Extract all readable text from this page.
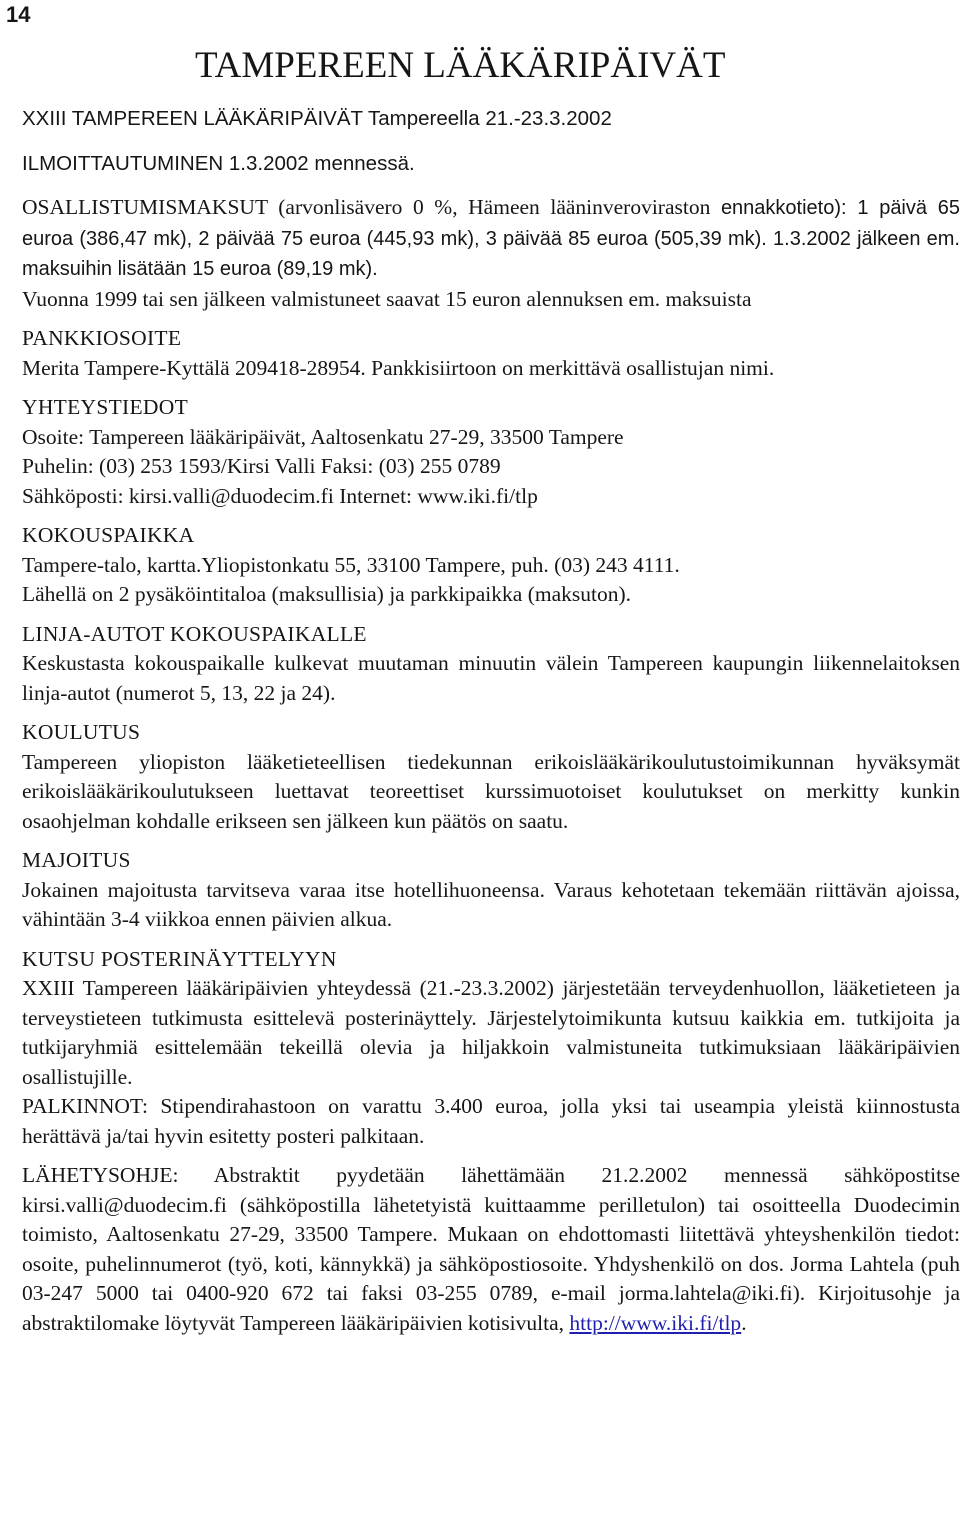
14
TAMPEREEN LÄÄKÄRIPÄIVÄT

XXIII TAMPEREEN LÄÄKÄRIPÄIVÄT Tampereella 21.-23.3.2002

ILMOITTAUTUMINEN 1.3.2002 mennessä.

OSALLISTUMISMAKSUT (arvonlisävero 0 %, Hämeen lääninveroviraston ennakkotieto): 1 päivä 65 euroa (386,47 mk), 2 päivää 75 euroa (445,93 mk), 3 päivää 85 euroa (505,39 mk). 1.3.2002 jälkeen em. maksuihin lisätään 15 euroa (89,19 mk).

Vuonna 1999 tai sen jälkeen valmistuneet saavat 15 euron alennuksen em. maksuista

PANKKIOSOITE

Merita Tampere-Kyttälä 209418-28954. Pankkisiirtoon on merkittävä osallistujan nimi.

YHTEYSTIEDOT

Osoite: Tampereen lääkäripäivät, Aaltosenkatu 27-29, 33500 Tampere

Puhelin: (03) 253 1593/Kirsi Valli Faksi: (03) 255 0789

Sähköposti: kirsi.valli@duodecim.fi Internet: www.iki.fi/tlp

KOKOUSPAIKKA

Tampere-talo, kartta.Yliopistonkatu 55, 33100 Tampere, puh. (03) 243 4111.

Lähellä on 2 pysäköintitaloa (maksullisia) ja parkkipaikka (maksuton).

LINJA-AUTOT KOKOUSPAIKALLE

Keskustasta kokouspaikalle kulkevat muutaman minuutin välein Tampereen kaupungin liikennelaitoksen linja-autot (numerot 5, 13, 22 ja 24).

KOULUTUS

Tampereen yliopiston lääketieteellisen tiedekunnan erikoislääkärikoulutustoimikunnan hyväksymät erikoislääkärikoulutukseen luettavat teoreettiset kurssimuotoiset koulutukset on merkitty kunkin osaohjelman kohdalle erikseen sen jälkeen kun päätös on saatu.

MAJOITUS

Jokainen majoitusta tarvitseva varaa itse hotellihuoneensa. Varaus kehotetaan tekemään riittävän ajoissa, vähintään 3-4 viikkoa ennen päivien alkua.

KUTSU POSTERINÄYTTELYYN

XXIII Tampereen lääkäripäivien yhteydessä (21.-23.3.2002) järjestetään terveydenhuollon, lääketieteen ja terveystieteen tutkimusta esittelevä posterinäyttely. Järjestelytoimikunta kutsuu kaikkia em. tutkijoita ja tutkijaryhmiä esittelemään tekeillä olevia ja hiljakkoin valmistuneita tutkimuksiaan lääkäripäivien osallistujille.

PALKINNOT: Stipendirahastoon on varattu 3.400 euroa, jolla yksi tai useampia yleistä kiinnostusta herättävä ja/tai hyvin esitetty posteri palkitaan.

LÄHETYSOHJE: Abstraktit pyydetään lähettämään 21.2.2002 mennessä sähköpostitse kirsi.valli@duodecim.fi (sähköpostilla lähetetyistä kuittaamme perilletulon) tai osoitteella Duodecimin toimisto, Aaltosenkatu 27-29, 33500 Tampere. Mukaan on ehdottomasti liitettävä yhteyshenkilön tiedot: osoite, puhelinnumerot (työ, koti, kännykkä) ja sähköpostiosoite. Yhdyshenkilö on dos. Jorma Lahtela (puh 03-247 5000 tai 0400-920 672 tai faksi 03-255 0789, e-mail jorma.lahtela@iki.fi). Kirjoitusohje ja abstraktilomake löytyvät Tampereen lääkäripäivien kotisivulta, http://www.iki.fi/tlp.
